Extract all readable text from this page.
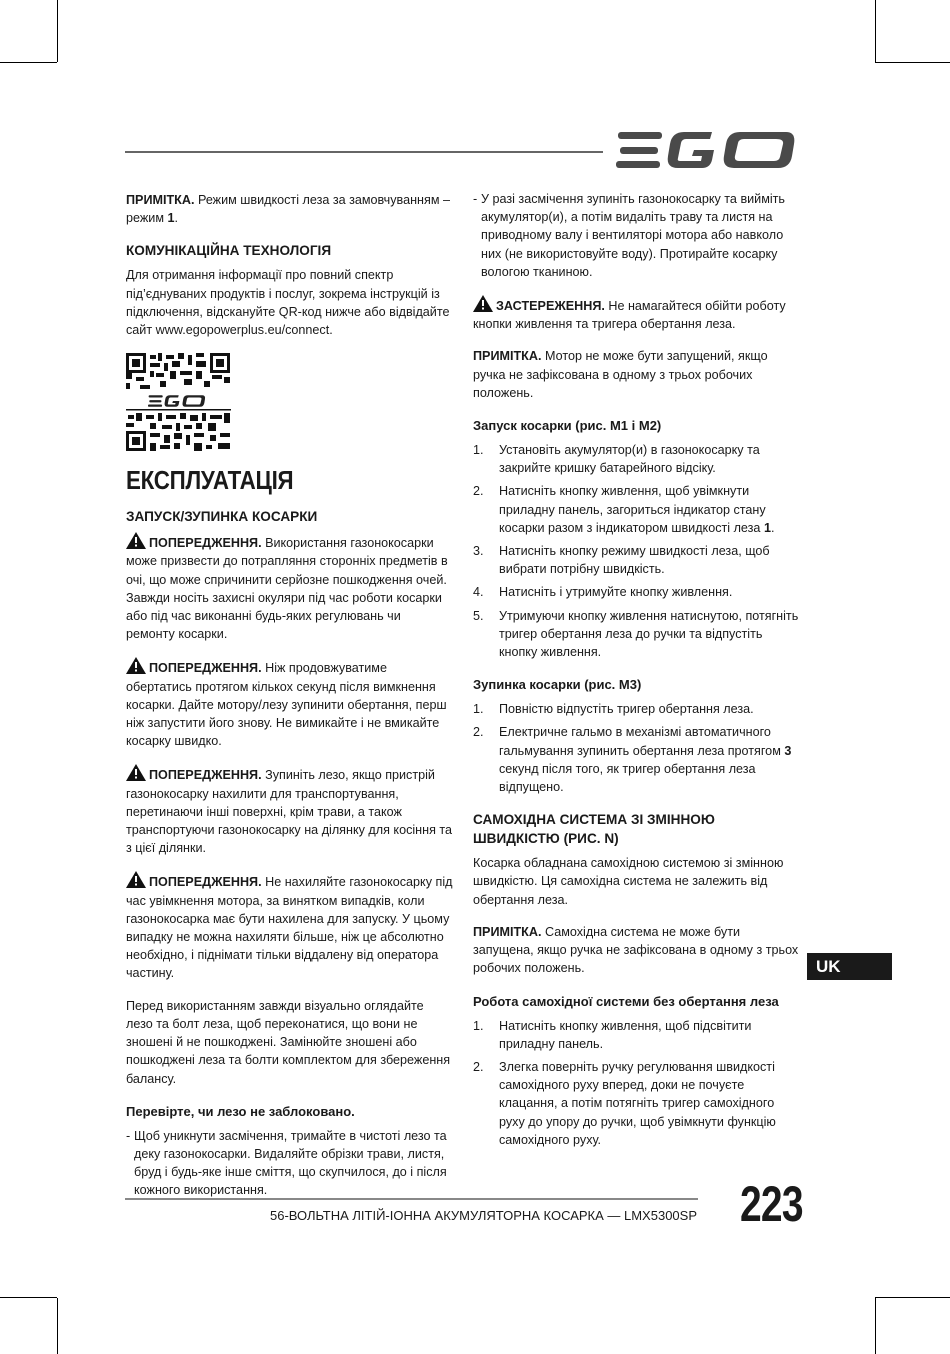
ПРИМІТКА. Режим швидкості леза за замовчуванням – режим 1.

КОМУНІКАЦІЙНА ТЕХНОЛОГІЯ

Для отримання інформації про повний спектр під’єднуваних продуктів і послуг, зокрема інструкцій із підключення, відсканyйте QR-код нижче або відвідайте сайт www.egopowerplus.eu/connect.

ЕКСПЛУАТАЦІЯ
ЗАПУСК/ЗУПИНКА КОСАРКИ

ПОПЕРЕДЖЕННЯ. Використання газонокосарки може призвести до потрапляння сторонніх предметів в очі, що може спричинити серйозне пошкодження очей. Завжди носіть захисні окуляри під час роботи косарки або під час виконанні будь-яких регулювань чи ремонту косарки.

ПОПЕРЕДЖЕННЯ. Ніж продовжуватиме обертатись протягом кількох секунд після вимкнення косарки. Дайте мотору/лезу зупинити обертання, перш ніж запустити його знову. Не вимикайте і не вмикайте косарку швидко.

ПОПЕРЕДЖЕННЯ. Зупиніть лезо, якщо пристрій газонокосарку нахилити для транспортування, перетинаючи інші поверхні, крім трави, а також транспортуючи газонокосарку на ділянку для косіння та з цієї ділянки.

ПОПЕРЕДЖЕННЯ. Не нахиляйте газонокосарку під час увімкнення мотора, за винятком випадків, коли газонокосарка має бути нахилена для запуску. У цьому випадку не можна нахиляти більше, ніж це абсолютно необхідно, і піднімати тільки віддалену від оператора частину.

Перед використанням завжди візуально оглядайте лезо та болт леза, щоб переконатися, що вони не зношені й не пошкоджені. Замінюйте зношені або пошкоджені леза та болти комплектом для збереження балансу.

Перевірте, чи лезо не заблоковано.
- Щоб уникнути засмічення, тримайте в чистоті лезо та деку газонокосарки. Видаляйте обрізки трави, листя, бруд і будь-яке інше сміття, що скупчилося, до і після кожного використання.
- У разі засмічення зупиніть газонокосарку та вийміть акумулятор(и), а потім видаліть траву та листя на приводному валу і вентиляторі мотора або навколо них (не використовуйте воду). Протирайте косарку вологою тканиною.

ЗАСТЕРЕЖЕННЯ. Не намагайтеся обійти роботу кнопки живлення та тригера обертання леза.

ПРИМІТКА. Мотор не може бути запущений, якщо ручка не зафіксована в одному з трьох робочих положень.

Запуск косарки (рис. M1 і M2)
1.	Установіть акумулятор(и) в газонокосарку та закрийте кришку батарейного відсіку.
2.	Натисніть кнопку живлення, щоб увімкнути приладну панель, загориться індикатор стану косарки разом з індикатором швидкості леза 1.
3.	Натисніть кнопку режиму швидкості леза, щоб вибрати потрібну швидкість.
4.	Натисніть і утримуйте кнопку живлення.
5.	Утримуючи кнопку живлення натиснутою, потягніть тригер обертання леза до ручки та відпустіть кнопку живлення.
Зупинка косарки (рис. M3)
1.	Повністю відпустіть тригер обертання леза.
2.	Електричне гальмо в механізмі автоматичного гальмування зупинить обертання леза протягом 3 секунд після того, як тригер обертання леза відпущено.
САМОХІДНА СИСТЕМА ЗІ ЗМІННОЮ ШВИДКІСТЮ (РИС. N)

Косарка обладнана самохідною системою зі змінною швидкістю. Ця самохідна система не залежить від обертання леза.

ПРИМІТКА. Самохідна система не може бути запущена, якщо ручка не зафіксована в одному з трьох робочих положень.

Робота самохідної системи без обертання леза
1.	Натисніть кнопку живлення, щоб підсвітити приладну панель.
2.	Злегка поверніть ручку регулювання швидкості самохідного руху вперед, доки не почуєте клацання, а потім потягніть тригер самохідного руху до упору до ручки, щоб увімкнути функцію самохідного руху.
UK
56-ВОЛЬТНА ЛІТІЙ-ІОННА АКУМУЛЯТОРНА КОСАРКА — LMX5300SP 223
